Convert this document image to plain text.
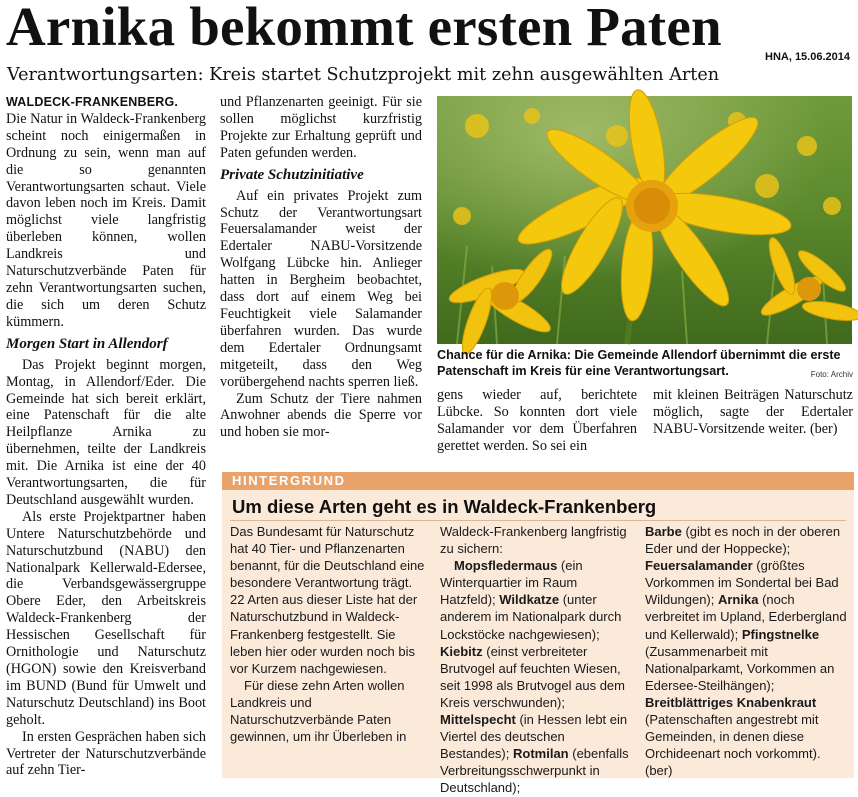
Arnika bekommt ersten Paten	HNA, 15.06.2014
Verantwortungsarten: Kreis startet Schutzprojekt mit zehn ausgewählten Arten

WALDECK-FRANKENBERG.
Die Natur in Waldeck-Frankenberg scheint noch einigermaßen in Ordnung zu sein, wenn man auf die so genannten Verantwortungsarten schaut. Viele davon leben noch im Kreis. Damit möglichst viele langfristig überleben können, wollen Landkreis und Naturschutzverbände Paten für zehn Verantwortungsarten suchen, die sich um deren Schutz kümmern.

Morgen Start in Allendorf

Das Projekt beginnt morgen, Montag, in Allendorf/Eder. Die Gemeinde hat sich bereit erklärt, eine Patenschaft für die alte Heilpflanze Arnika zu übernehmen, teilte der Landkreis mit. Die Arnika ist eine der 40 Verantwortungsarten, die für Deutschland ausgewählt wurden.

Als erste Projektpartner haben Untere Naturschutzbehörde und Naturschutzbund (NABU) den Nationalpark Kellerwald-Edersee, die Verbandsgewässergruppe Obere Eder, den Arbeitskreis Waldeck-Frankenberg der Hessischen Gesellschaft für Ornithologie und Naturschutz (HGON) sowie den Kreisverband im BUND (Bund für Umwelt und Naturschutz Deutschland) ins Boot geholt.

In ersten Gesprächen haben sich Vertreter der Naturschutzverbände auf zehn Tier-

und Pflanzenarten geeinigt. Für sie sollen möglichst kurzfristig Projekte zur Erhaltung geprüft und Paten gefunden werden.

Private Schutzinitiative

Auf ein privates Projekt zum Schutz der Verantwortungsart Feuersalamander weist der Edertaler NABU-Vorsitzende Wolfgang Lübcke hin. Anlieger hatten in Bergheim beobachtet, dass dort auf einem Weg bei Feuchtigkeit viele Salamander überfahren wurden. Das wurde dem Edertaler Ordnungsamt mitgeteilt, dass den Weg vorübergehend nachts sperren ließ.

Zum Schutz der Tiere nahmen Anwohner abends die Sperre vor und hoben sie mor-

Chance für die Arnika: Die Gemeinde Allendorf übernimmt die erste Patenschaft im Kreis für eine Verantwortungsart.	Foto: Archiv
gens wieder auf, berichtete Lübcke. So konnten dort viele Salamander vor dem Überfahren gerettet werden. So sei ein
mit kleinen Beiträgen Naturschutz möglich, sagte der Edertaler NABU-Vorsitzende weiter. (ber)
HINTERGRUND
Um diese Arten geht es in Waldeck-Frankenberg

Das Bundesamt für Naturschutz hat 40 Tier- und Pflanzenarten benannt, für die Deutschland eine besondere Verantwortung trägt. 22 Arten aus dieser Liste hat der Naturschutzbund in Waldeck-Frankenberg festgestellt. Sie leben hier oder wurden noch bis vor Kurzem nachgewiesen.

Für diese zehn Arten wollen Landkreis und Naturschutzverbände Paten gewinnen, um ihr Überleben in

Waldeck-Frankenberg langfristig zu sichern:

Mopsfledermaus (ein Winterquartier im Raum Hatzfeld); Wildkatze (unter anderem im Nationalpark durch Lockstöcke nachgewiesen); Kiebitz (einst verbreiteter Brutvogel auf feuchten Wiesen, seit 1998 als Brutvogel aus dem Kreis verschwunden); Mittelspecht (in Hessen lebt ein Viertel des deutschen Bestandes); Rotmilan (ebenfalls Verbreitungsschwerpunkt in Deutschland);

Barbe (gibt es noch in der oberen Eder und der Hoppecke); Feuersalamander (größtes Vorkommen im Sondertal bei Bad Wildungen); Arnika (noch verbreitet im Upland, Ederbergland und Kellerwald); Pfingstnelke (Zusammenarbeit mit Nationalparkamt, Vorkommen an Edersee-Steilhängen); Breitblättriges Knabenkraut (Patenschaften angestrebt mit Gemeinden, in denen diese Orchideenart noch vorkommt). (ber)
